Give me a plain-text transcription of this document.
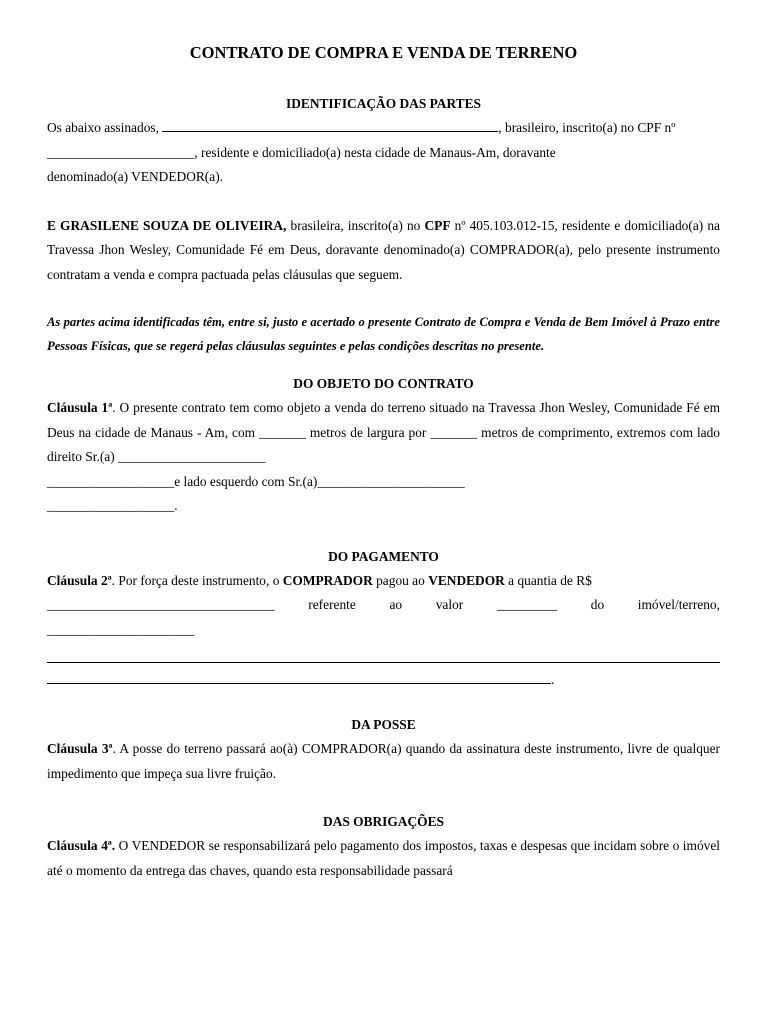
CONTRATO DE COMPRA E VENDA DE TERRENO
IDENTIFICAÇÃO DAS PARTES

Os abaixo assinados,	, brasileiro, inscrito(a) no CPF nº

______________________, residente e domiciliado(a) nesta cidade de Manaus-Am, doravante

denominado(a) VENDEDOR(a).

E GRASILENE SOUZA DE OLIVEIRA, brasileira, inscrito(a) no CPF nº 405.103.012-15, residente e domiciliado(a) na Travessa Jhon Wesley, Comunidade Fé em Deus, doravante denominado(a) COMPRADOR(a), pelo presente instrumento contratam a venda e compra pactuada pelas cláusulas que seguem.

As partes acima identificadas têm, entre si, justo e acertado o presente Contrato de Compra e Venda de Bem Imóvel à Prazo entre Pessoas Físicas, que se regerá pelas cláusulas seguintes e pelas condições descritas no presente.

DO OBJETO DO CONTRATO

Cláusula 1ª. O presente contrato tem como objeto a venda do terreno situado na Travessa Jhon Wesley, Comunidade Fé em Deus na cidade de Manaus - Am, com _______ metros de largura por _______ metros de comprimento, extremos com lado direito Sr.(a) ______________________

___________________e lado esquerdo com Sr.(a)______________________

___________________.

DO PAGAMENTO

Cláusula 2ª. Por força deste instrumento, o COMPRADOR pagou ao VENDEDOR a quantia de R$

__________________________________	referente	ao	valor	_________	do	imóvel/terreno,

______________________

.
DA POSSE

Cláusula 3ª. A posse do terreno passará ao(à) COMPRADOR(a) quando da assinatura deste instrumento, livre de qualquer impedimento que impeça sua livre fruição.

DAS OBRIGAÇÕES

Cláusula 4ª. O VENDEDOR se responsabilizará pelo pagamento dos impostos, taxas e despesas que incidam sobre o imóvel até o momento da entrega das chaves, quando esta responsabilidade passará
